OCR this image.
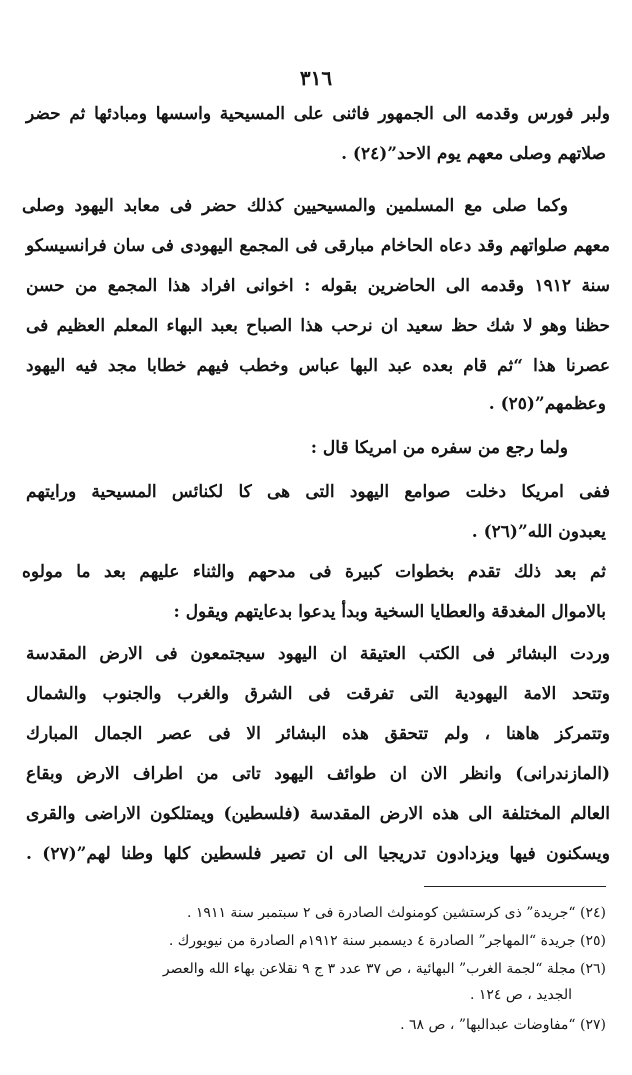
٣١٦
ولبر فورس وقدمه الى الجمهور فاثنى على المسيحية واسسها ومبادئها ثم حضر
صلاتهم وصلى معهم يوم الاحد”(٢٤) .
وكما صلى مع المسلمين والمسيحيين كذلك حضر فى معابد اليهود وصلى
معهم صلواتهم وقد دعاه الحاخام مبارقى فى المجمع اليهودى فى سان فرانسيسكو
سنة ١٩١٢ وقدمه الى الحاضرين بقوله : اخوانى افراد هذا المجمع من حسن
حظنا وهو لا شك حظ سعيد ان نرحب هذا الصباح بعبد البهاء المعلم العظيم فى
عصرنا هذا “ثم قام بعده عبد البها عباس وخطب فيهم خطابا مجد فيه اليهود
وعظمهم”(٢٥) .
ولما رجع من سفره من امريكا قال :
ففى امريكا دخلت صوامع اليهود التى هى كا لكنائس المسيحية ورايتهم
يعبدون الله”(٢٦) .
ثم بعد ذلك تقدم بخطوات كبيرة فى مدحهم والثناء عليهم بعد ما مولوه
بالاموال المغدقة والعطايا السخية وبدأ يدعوا بدعايتهم ويقول :
وردت البشائر فى الكتب العتيقة ان اليهود سيجتمعون فى الارض المقدسة
وتتحد الامة اليهودية التى تفرقت فى الشرق والغرب والجنوب والشمال
وتتمركز هاهنا ، ولم تتحقق هذه البشائر الا فى عصر الجمال المبارك
(المازندرانى) وانظر الان ان طوائف اليهود تاتى من اطراف الارض وبقاع
العالم المختلفة الى هذه الارض المقدسة (فلسطين) ويمتلكون الاراضى والقرى
ويسكنون فيها ويزدادون تدريجيا الى ان تصير فلسطين كلها وطنا لهم”(٢٧) .
(٢٤) “جريدة” ذى كرستشين كومنولث الصادرة فى ٢ سبتمبر سنة ١٩١١ .
(٢٥) جريدة “المهاجر” الصادرة ٤ ديسمبر سنة ١٩١٢م الصادرة من نيويورك .
(٢٦) مجلة “لجمة الغرب” البهائية ، ص ٣٧ عدد ٣ ج ٩ نقلاعن بهاء الله والعصر
الجديد ، ص ١٢٤ .
(٢٧) “مفاوضات عبدالبها” ، ص ٦٨ .
